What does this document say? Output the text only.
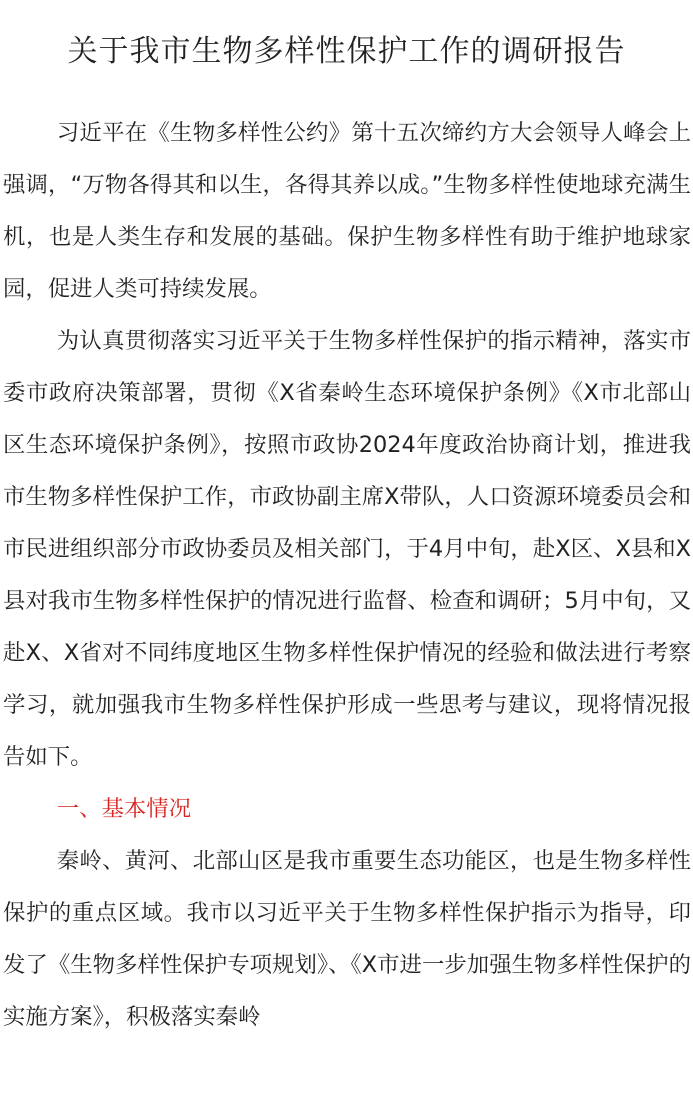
关于我市生物多样性保护工作的调研报告

习近平在《生物多样性公约》第十五次缔约方大会领导人峰会上强调，“万物各得其和以生，各得其养以成。”生物多样性使地球充满生机，也是人类生存和发展的基础。保护生物多样性有助于维护地球家园，促进人类可持续发展。

为认真贯彻落实习近平关于生物多样性保护的指示精神，落实市委市政府决策部署，贯彻《X省秦岭生态环境保护条例》《X市北部山区生态环境保护条例》，按照市政协2024年度政治协商计划，推进我市生物多样性保护工作，市政协副主席X带队，人口资源环境委员会和市民进组织部分市政协委员及相关部门，于4月中旬，赴X区、X县和X县对我市生物多样性保护的情况进行监督、检查和调研；5月中旬，又赴X、X省对不同纬度地区生物多样性保护情况的经验和做法进行考察学习，就加强我市生物多样性保护形成一些思考与建议，现将情况报告如下。

一、基本情况

秦岭、黄河、北部山区是我市重要生态功能区，也是生物多样性保护的重点区域。我市以习近平关于生物多样性保护指示为指导，印发了《生物多样性保护专项规划》、《X市进一步加强生物多样性保护的实施方案》，积极落实秦岭
